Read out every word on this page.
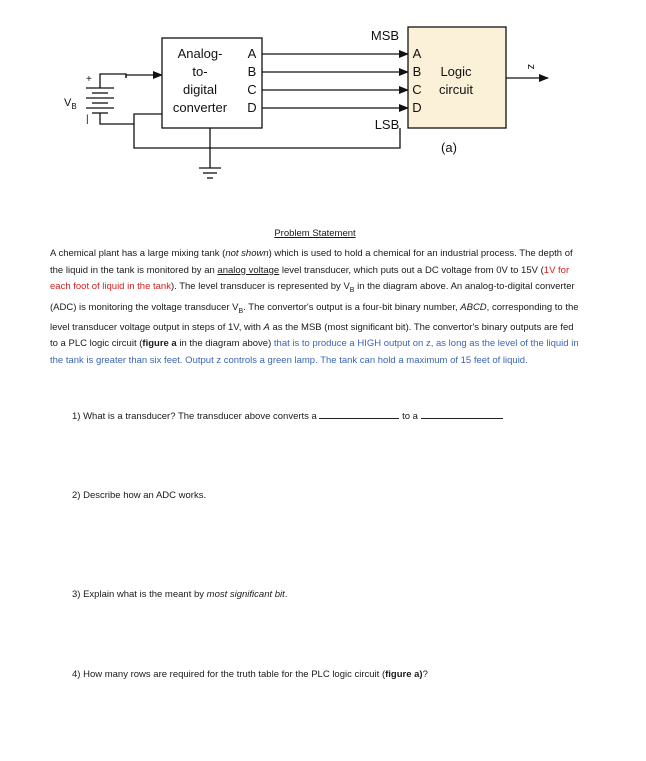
+
|
$V_B$
Analog-
to-
digital
converter
A
B
C
D
MSB
LSB
A
B
C
D
Logic
circuit
z
(a)

Problem Statement

A chemical plant has a large mixing tank (not shown) which is used to hold a chemical for an industrial process. The depth of the liquid in the tank is monitored by an analog voltage level transducer, which puts out a DC voltage from 0V to 15V (1V for each foot of liquid in the tank). The level transducer is represented by $V_B$ in the diagram above. An analog-to-digital converter (ADC) is monitoring the voltage transducer $V_B$. The convertor's output is a four-bit binary number, ABCD, corresponding to the level transducer voltage output in steps of 1V, with A as the MSB (most significant bit). The convertor's binary outputs are fed to a PLC logic circuit (figure a in the diagram above) that is to produce a HIGH output on z, as long as the level of the liquid in the tank is greater than six feet. Output z controls a green lamp. The tank can hold a maximum of 15 feet of liquid.

1) What is a transducer? The transducer above converts a	to a
2) Describe how an ADC works.
3) Explain what is the meant by most significant bit.
4) How many rows are required for the truth table for the PLC logic circuit (figure a)?
